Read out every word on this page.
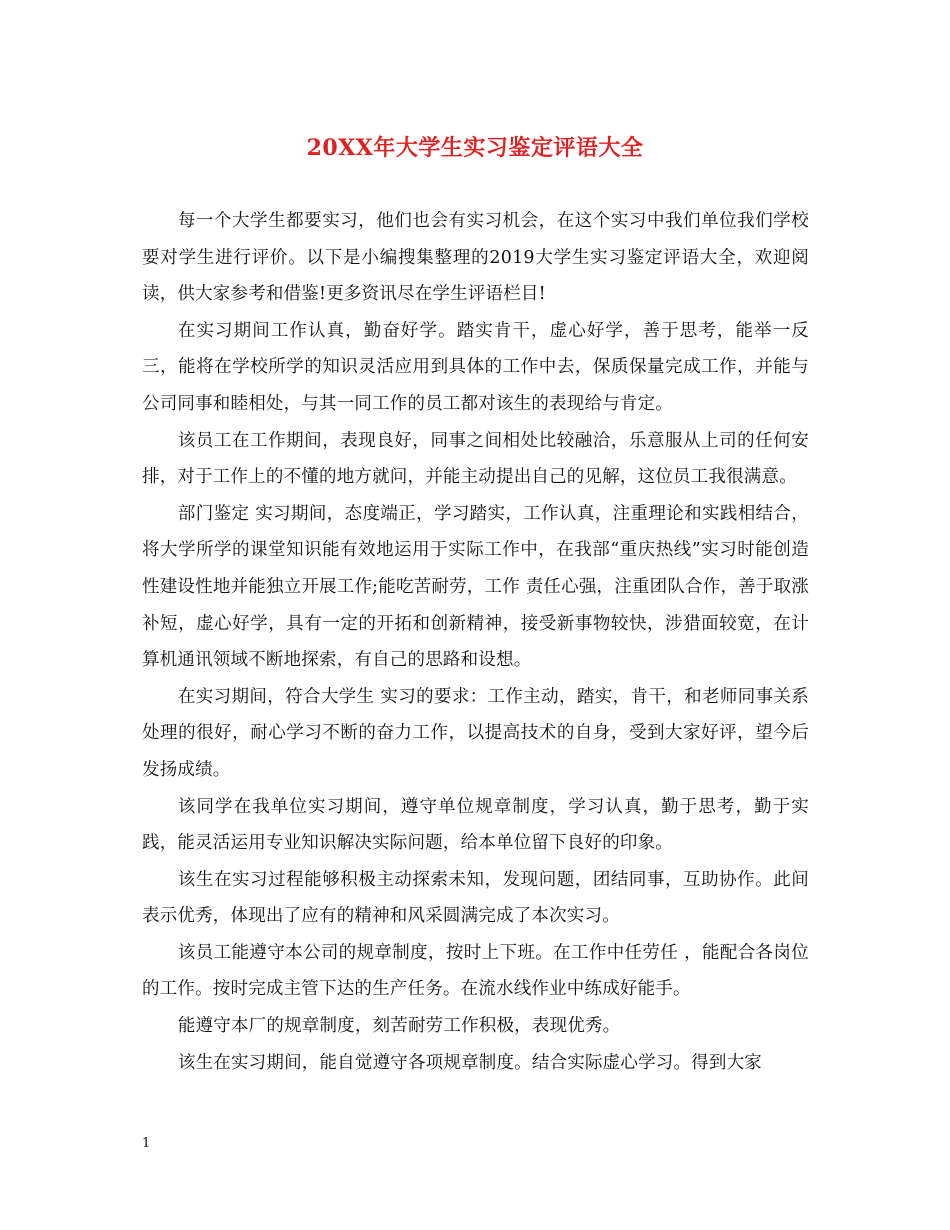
20XX年大学生实习鉴定评语大全

每一个大学生都要实习，他们也会有实习机会，在这个实习中我们单位我们学校要对学生进行评价。以下是小编搜集整理的2019大学生实习鉴定评语大全，欢迎阅读，供大家参考和借鉴!更多资讯尽在学生评语栏目!

在实习期间工作认真，勤奋好学。踏实肯干，虚心好学，善于思考，能举一反三，能将在学校所学的知识灵活应用到具体的工作中去，保质保量完成工作，并能与公司同事和睦相处，与其一同工作的员工都对该生的表现给与肯定。

该员工在工作期间，表现良好，同事之间相处比较融洽，乐意服从上司的任何安排，对于工作上的不懂的地方就问，并能主动提出自己的见解，这位员工我很满意。

部门鉴定 实习期间，态度端正，学习踏实，工作认真，注重理论和实践相结合，将大学所学的课堂知识能有效地运用于实际工作中，在我部“重庆热线”实习时能创造性建设性地并能独立开展工作;能吃苦耐劳，工作 责任心强，注重团队合作，善于取涨补短，虚心好学，具有一定的开拓和创新精神，接受新事物较快，涉猎面较宽，在计算机通讯领域不断地探索，有自己的思路和设想。

在实习期间，符合大学生 实习的要求：工作主动，踏实，肯干，和老师同事关系处理的很好，耐心学习不断的奋力工作，以提高技术的自身，受到大家好评，望今后发扬成绩。

该同学在我单位实习期间，遵守单位规章制度，学习认真，勤于思考，勤于实践，能灵活运用专业知识解决实际问题，给本单位留下良好的印象。

该生在实习过程能够积极主动探索未知，发现问题，团结同事，互助协作。此间表示优秀，体现出了应有的精神和风采圆满完成了本次实习。

该员工能遵守本公司的规章制度，按时上下班。在工作中任劳任 ，能配合各岗位的工作。按时完成主管下达的生产任务。在流水线作业中练成好能手。

能遵守本厂的规章制度，刻苦耐劳工作积极，表现优秀。

该生在实习期间，能自觉遵守各项规章制度。结合实际虚心学习。得到大家

1
